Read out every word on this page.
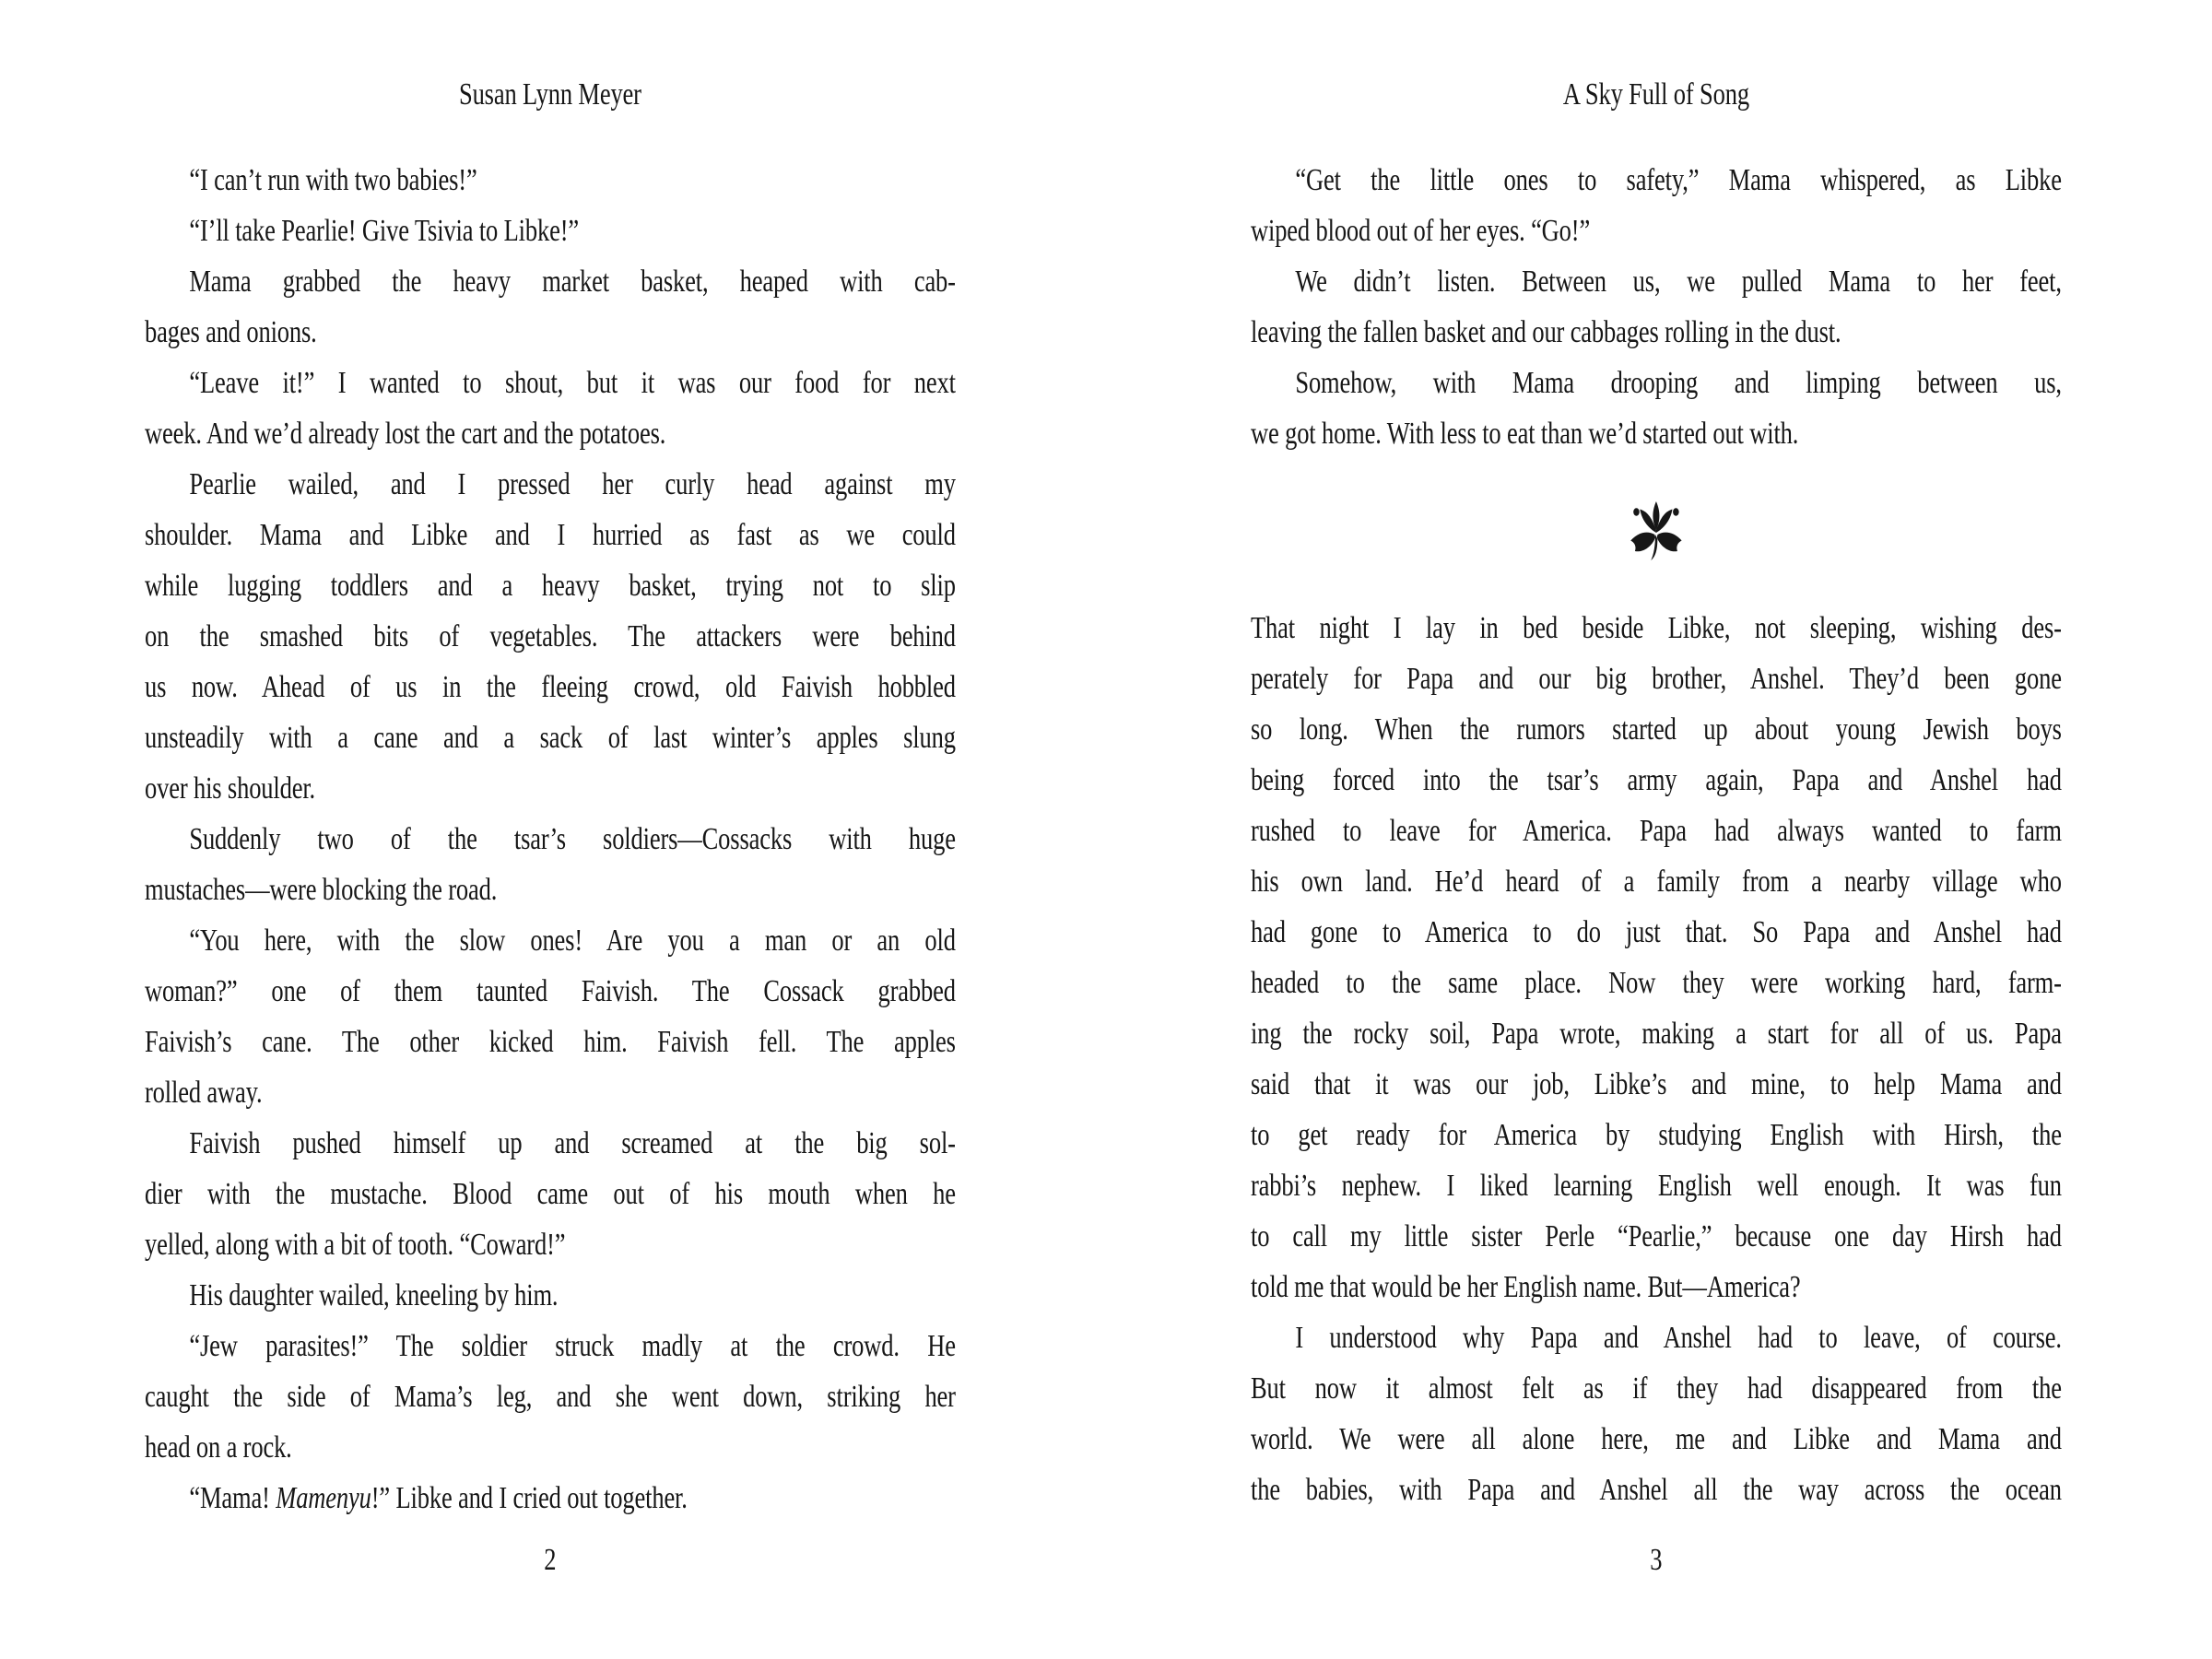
Susan Lynn Meyer
“I can’t run with two babies!”
“I’ll take Pearlie! Give Tsivia to Libke!”
Mama grabbed the heavy market basket, heaped with cab-
bages and onions.
“Leave it!” I wanted to shout, but it was our food for next
week. And we’d already lost the cart and the potatoes.
Pearlie wailed, and I pressed her curly head against my
shoulder. Mama and Libke and I hurried as fast as we could
while lugging toddlers and a heavy basket, trying not to slip
on the smashed bits of vegetables. The attackers were behind
us now. Ahead of us in the fleeing crowd, old Faivish hobbled
unsteadily with a cane and a sack of last winter’s apples slung
over his shoulder.
Suddenly two of the tsar’s soldiers—Cossacks with huge
mustaches—were blocking the road.
“You here, with the slow ones! Are you a man or an old
woman?” one of them taunted Faivish. The Cossack grabbed
Faivish’s cane. The other kicked him. Faivish fell. The apples
rolled away.
Faivish pushed himself up and screamed at the big sol-
dier with the mustache. Blood came out of his mouth when he
yelled, along with a bit of tooth. “Coward!”
His daughter wailed, kneeling by him.
“Jew parasites!” The soldier struck madly at the crowd. He
caught the side of Mama’s leg, and she went down, striking her
head on a rock.
“Mama! Mamenyu!” Libke and I cried out together.
2
A Sky Full of Song
“Get the little ones to safety,” Mama whispered, as Libke
wiped blood out of her eyes. “Go!”
We didn’t listen. Between us, we pulled Mama to her feet,
leaving the fallen basket and our cabbages rolling in the dust.
Somehow, with Mama drooping and limping between us,
we got home. With less to eat than we’d started out with.
That night I lay in bed beside Libke, not sleeping, wishing des-
perately for Papa and our big brother, Anshel. They’d been gone
so long. When the rumors started up about young Jewish boys
being forced into the tsar’s army again, Papa and Anshel had
rushed to leave for America. Papa had always wanted to farm
his own land. He’d heard of a family from a nearby village who
had gone to America to do just that. So Papa and Anshel had
headed to the same place. Now they were working hard, farm-
ing the rocky soil, Papa wrote, making a start for all of us. Papa
said that it was our job, Libke’s and mine, to help Mama and
to get ready for America by studying English with Hirsh, the
rabbi’s nephew. I liked learning English well enough. It was fun
to call my little sister Perle “Pearlie,” because one day Hirsh had
told me that would be her English name. But—America?
I understood why Papa and Anshel had to leave, of course.
But now it almost felt as if they had disappeared from the
world. We were all alone here, me and Libke and Mama and
the babies, with Papa and Anshel all the way across the ocean
3
